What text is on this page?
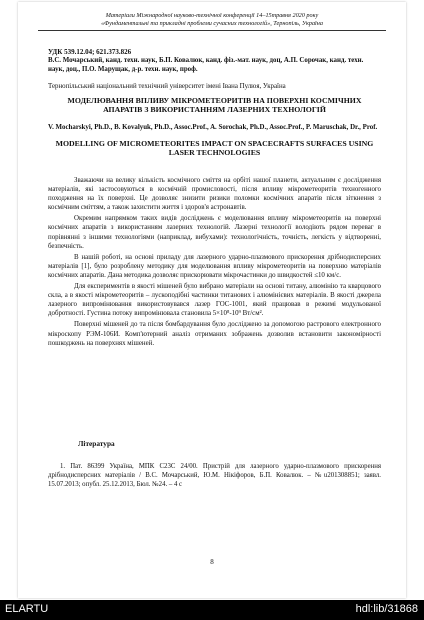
Матеріали Міжнародної науково-технічної конференції 14–15травня 2020 року
«Фундаментальні та прикладні проблеми сучасних технологій», Тернопіль, Україна
УДК 539.12.04; 621.373.826
В.С. Мочарський, канд. техн. наук, Б.П. Ковалюк, канд. фіз.-мат. наук, доц, А.П. Сорочак, канд. техн. наук, доц., П.О. Марущак, д-р. техн. наук, проф.
Тернопільський національний технічний університет імені Івана Пулюя, Україна
МОДЕЛЮВАННЯ ВПЛИВУ МІКРОМЕТЕОРИТІВ НА ПОВЕРХНІ КОСМІЧНИХ АПАРАТІВ З ВИКОРИСТАННЯМ ЛАЗЕРНИХ ТЕХНОЛОГІЙ
V. Mocharskyi, Ph.D., B. Kovalyuk, Ph.D., Assoc.Prof., A. Sorochak, Ph.D., Assoc.Prof., P. Maruschak, Dr., Prof.
MODELLING OF MICROMETEORITES IMPACT ON SPACECRAFTS SURFACES USING LASER TECHNOLOGIES

Зважаючи на велику кількість космічного сміття на орбіті нашої планети, актуальним є дослідження матеріалів, які застосовуються в космічній промисловості, після впливу мікрометеоритів техногенного походження на їх поверхні. Це дозволяє знизити ризики поломки космічних апаратів після зіткнення з космічним сміттям, а також захистити життя і здоров'я астронавтів.

Окремим напрямком таких видів досліджень є моделювання впливу мікрометеоритів на поверхні космічних апаратів з використанням лазерних технологій. Лазерні технології володіють рядом переваг в порівнянні з іншими технологіями (наприклад, вибухами): технологічність, точність, легкість у відтворенні, безпечність.

В нашій роботі, на основі приладу для лазерного ударно-плазмового прискорення дрібнодисперсних матеріалів [1], було розроблену методику для моделювання впливу мікрометеоритів на поверхню матеріалів космічних апаратів. Дана методика дозволяє прискорювати мікрочастинки до швидкостей ≤10 км/с.

Для експериментів в якості мішеней було вибрано матеріали на основі титану, алюмінію та кварцового скла, а в якості мікрометеоритів – лускоподібні частинки титанових і алюмінієвих матеріалів. В якості джерела лазерного випромінювання використовувався лазер ГОС-1001, який працював в режимі модульованої добротності. Густина потоку випромінювала становила 5×10⁸-10⁹ Вт/см².

Поверхні мішеней до та після бомбардування було досліджено за допомогою растрового електронного мікроскопу РЭМ-106И. Комп'ютерний аналіз отриманих зображень дозволив встановити закономірності пошкоджень на поверхнях мішеней.

Література
1. Пат. 86399 Україна, МПК С23С 24/00. Пристрій для лазерного ударно-плазмового прискорення дрібнодисперсних матеріалів / В.С. Мочарський, Ю.М. Нікіфоров, Б.П. Ковалюк. – №u201308851; заявл. 15.07.2013; опубл. 25.12.2013, Бюл. №24. – 4 с
8
ELARTU	hdl:lib/31868
